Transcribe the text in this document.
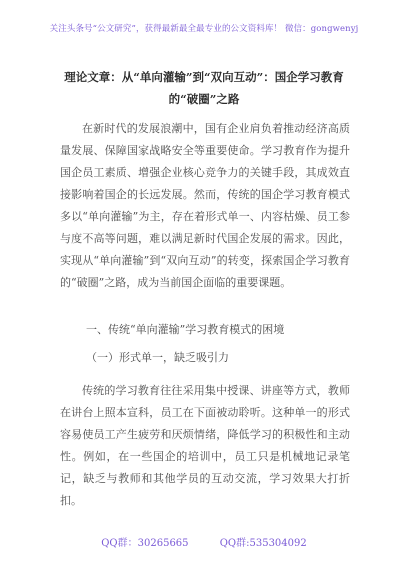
关注头条号“公文研究”，获得最新最全最专业的公文资料库！ 微信：gongwenyj
理论文章：从“单向灌输”到“双向互动”：国企学习教育的“破圈”之路

在新时代的发展浪潮中，国有企业肩负着推动经济高质量发展、保障国家战略安全等重要使命。学习教育作为提升国企员工素质、增强企业核心竞争力的关键手段，其成效直接影响着国企的长远发展。然而，传统的国企学习教育模式多以“单向灌输”为主，存在着形式单一、内容枯燥、员工参与度不高等问题，难以满足新时代国企发展的需求。因此，实现从“单向灌输”到“双向互动”的转变，探索国企学习教育的“破圈”之路，成为当前国企面临的重要课题。

一、传统“单向灌输”学习教育模式的困境
（一）形式单一，缺乏吸引力

传统的学习教育往往采用集中授课、讲座等方式，教师在讲台上照本宣科，员工在下面被动聆听。这种单一的形式容易使员工产生疲劳和厌烦情绪，降低学习的积极性和主动性。例如，在一些国企的培训中，员工只是机械地记录笔记，缺乏与教师和其他学员的互动交流，学习效果大打折扣。

QQ群：30265665	QQ群:535304092
